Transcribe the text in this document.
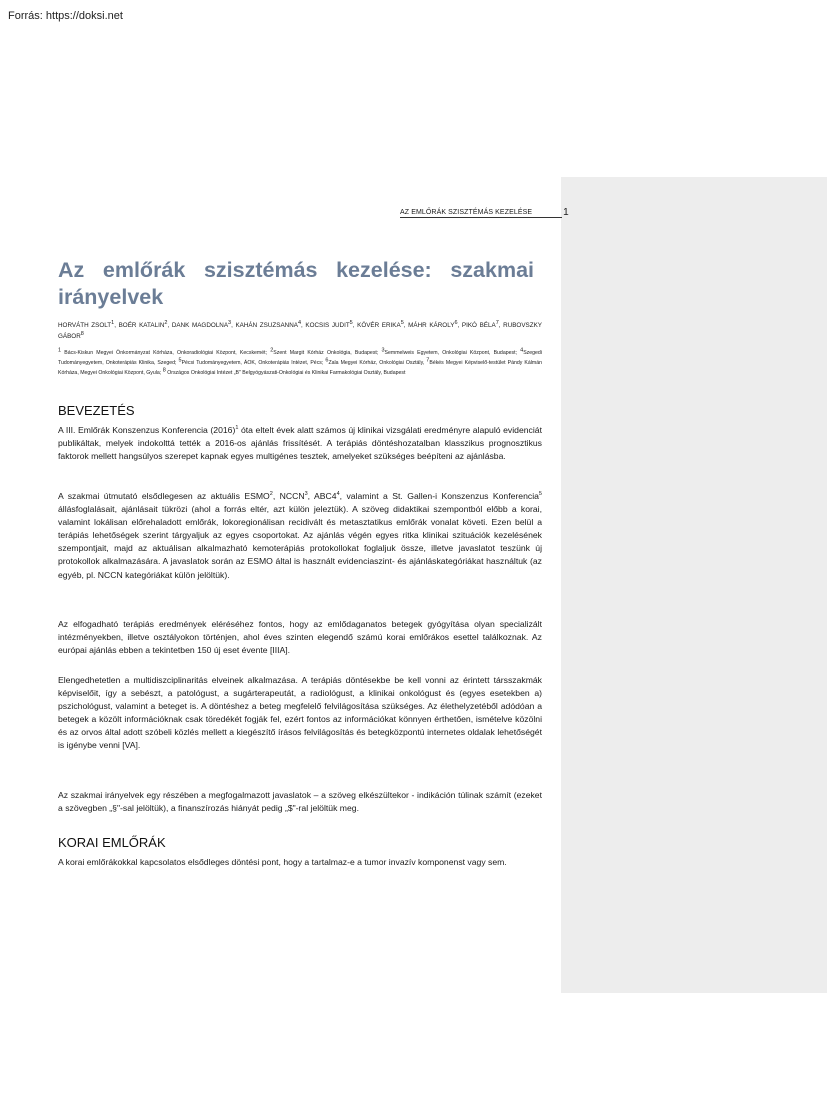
Forrás: https://doksi.net
AZ EMLŐRÁK SZISZTÉMÁS KEZELÉSE	1
Az emlőrák szisztémás kezelése: szakmai irányelvek
HORVÁTH ZSOLT$^1$, BOÉR KATALIN$^2$, DANK MAGDOLNA$^3$, KAHÁN ZSUZSANNA$^4$, KOCSIS JUDIT$^5$, KÖVÉR ERIKA$^5$, MÁHR KÁROLY$^6$, PIKÓ BÉLA$^7$, RUBOVSZKY GÁBOR$^8$
$^1$ Bács-Kiskun Megyei Önkormányzat Kórháza, Onkoradiológiai Központ, Kecskemét; $^2$Szent Margit Kórház Onkológia, Budapest; $^3$Semmelweis Egyetem, Onkológiai Központ, Budapest; $^4$Szegedi Tudományegyetem, Onkoterápiás Klinika, Szeged; $^5$Pécsi Tudományegyetem, ÁOK, Onkoterápiás Intézet, Pécs; $^6$Zala Megyei Kórház, Onkológiai Osztály, $^7$Békés Megyei Képviselő-testület Pándy Kálmán Kórháza, Megyei Onkológiai Központ, Gyula; $^8$ Országos Onkológiai Intézet „B" Belgyógyászati-Onkológiai és Klinikai Farmakológiai Osztály, Budapest
BEVEZETÉS

A III. Emlőrák Konszenzus Konferencia $(2016)^1$ óta eltelt évek alatt számos új klinikai vizsgálati eredményre alapuló evidenciát publikáltak, melyek indokolttá tették a 2016-os ajánlás frissítését. A terápiás döntéshozatalban klasszikus prognosztikus faktorok mellett hangsúlyos szerepet kapnak egyes multigénes tesztek, amelyeket szükséges beépíteni az ajánlásba.

A szakmai útmutató elsődlegesen az aktuális ESMO$^2$, NCCN$^3$, $ABC4^4$, valamint a St. Gallen-i Konszenzus Konferencia$^5$ állásfoglalásait, ajánlásait tükrözi (ahol a forrás eltér, azt külön jeleztük). A szöveg didaktikai szempontból előbb a korai, valamint lokálisan előrehaladott emlőrák, lokoregionálisan recidivált és metasztatikus emlőrák vonalat követi. Ezen belül a terápiás lehetőségek szerint tárgyaljuk az egyes csoportokat. Az ajánlás végén egyes ritka klinikai szituációk kezelésének szempontjait, majd az aktuálisan alkalmazható kemoterápiás protokollokat foglaljuk össze, illetve javaslatot teszünk új protokollok alkalmazására. A javaslatok során az ESMO által is használt evidenciaszint- és ajánláskategóriákat használtuk (az egyéb, pl. NCCN kategóriákat külön jelöltük).

Az elfogadható terápiás eredmények eléréséhez fontos, hogy az emlődaganatos betegek gyógyítása olyan specializált intézményekben, illetve osztályokon történjen, ahol éves szinten elegendő számú korai emlőrákos esettel találkoznak. Az európai ajánlás ebben a tekintetben 150 új eset évente [IIIA].

Elengedhetetlen a multidiszciplinaritás elveinek alkalmazása. A terápiás döntésekbe be kell vonni az érintett társszakmák képviselőit, így a sebészt, a patológust, a sugárterapeutát, a radiológust, a klinikai onkológust és (egyes esetekben a) pszichológust, valamint a beteget is. A döntéshez a beteg megfelelő felvilágosítása szükséges. Az élethelyzetéből adódóan a betegek a közölt információknak csak töredékét fogják fel, ezért fontos az információkat könnyen érthetően, ismételve közölni és az orvos által adott szóbeli közlés mellett a kiegészítő írásos felvilágosítás és betegközpontú internetes oldalak lehetőségét is igénybe venni [VA].

Az szakmai irányelvek egy részében a megfogalmazott javaslatok – a szöveg elkészültekor - indikáción túlinak számít (ezeket a szövegben „§"-sal jelöltük), a finanszírozás hiányát pedig „$"-ral jelöltük meg.

KORAI EMLŐRÁK

A korai emlőrákokkal kapcsolatos elsődleges döntési pont, hogy a tartalmaz-e a tumor invazív komponenst vagy sem.
